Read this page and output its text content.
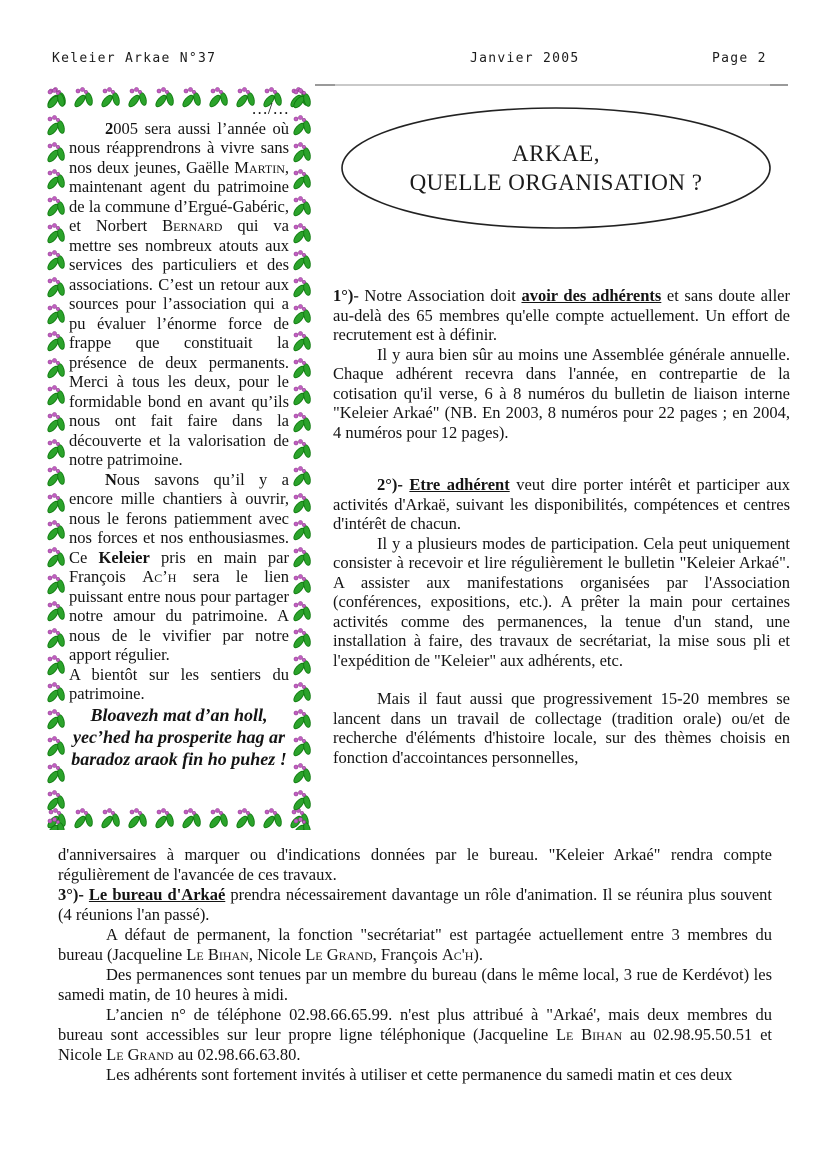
Keleier Arkae N°37	Janvier 2005	Page 2

…/…

2005 sera aussi l’année où nous réapprendrons à vivre sans nos deux jeunes, Gaëlle Martin, maintenant agent du patrimoine de la commune d’Ergué-Gabéric, et Norbert Bernard qui va mettre ses nombreux atouts aux services des particuliers et des associations. C’est un retour aux sources pour l’association qui a pu évaluer l’énorme force de frappe que constituait la présence de deux permanents. Merci à tous les deux, pour le formidable bond en avant qu’ils nous ont fait faire dans la découverte et la valorisation de notre patrimoine.

Nous savons qu’il y a encore mille chantiers à ouvrir, nous le ferons patiemment avec nos forces et nos enthousiasmes. Ce Keleier pris en main par François Ac’h sera le lien puissant entre nous pour partager notre amour du patrimoine. A nous de le vivifier par notre apport régulier.

A bientôt sur les sentiers du patrimoine.

Bloavezh mat d’an holl, yec’hed ha prosperite hag ar baradoz araok fin ho puhez !

ARKAE,
QUELLE ORGANISATION ?

1°)- Notre Association doit avoir des adhérents et sans doute aller au-delà des 65 membres qu'elle compte actuellement. Un effort de recrutement est à définir.

Il y aura bien sûr au moins une Assemblée générale annuelle. Chaque adhérent recevra dans l'année, en contrepartie de la cotisation qu'il verse, 6 à 8 numéros du bulletin de liaison interne "Keleier Arkaé" (NB. En 2003, 8 numéros pour 22 pages ; en 2004, 4 numéros pour 12 pages).

2°)- Etre adhérent veut dire porter intérêt et participer aux activités d'Arkaë, suivant les disponibilités, compétences et centres d'intérêt de chacun.

Il y a plusieurs modes de participation. Cela peut uniquement consister à recevoir et lire régulièrement le bulletin "Keleier Arkaé". A assister aux manifestations organisées par l'Association (conférences, expositions, etc.). A prêter la main pour certaines activités comme des permanences, la tenue d'un stand, une installation à faire, des travaux de secrétariat, la mise sous pli et l'expédition de "Keleier" aux adhérents, etc.

Mais il faut aussi que progressivement 15-20 membres se lancent dans un travail de collectage (tradition orale) ou/et de recherche d'éléments d'histoire locale, sur des thèmes choisis en fonction d'accointances personnelles,

d'anniversaires à marquer ou d'indications données par le bureau. "Keleier Arkaé" rendra compte régulièrement de l'avancée de ces travaux.

3°)- Le bureau d'Arkaé prendra nécessairement davantage un rôle d'animation. Il se réunira plus souvent (4 réunions l'an passé).

A défaut de permanent, la fonction "secrétariat" est partagée actuellement entre 3 membres du bureau (Jacqueline Le Bihan, Nicole Le Grand, François Ac'h).

Des permanences sont tenues par un membre du bureau (dans le même local, 3 rue de Kerdévot) les samedi matin, de 10 heures à midi.

L’ancien n° de téléphone 02.98.66.65.99. n'est plus attribué à "Arkaé', mais deux membres du bureau sont accessibles sur leur propre ligne téléphonique (Jacqueline Le Bihan au 02.98.95.50.51 et Nicole Le Grand au 02.98.66.63.80.

Les adhérents sont fortement invités à utiliser et cette permanence du samedi matin et ces deux
